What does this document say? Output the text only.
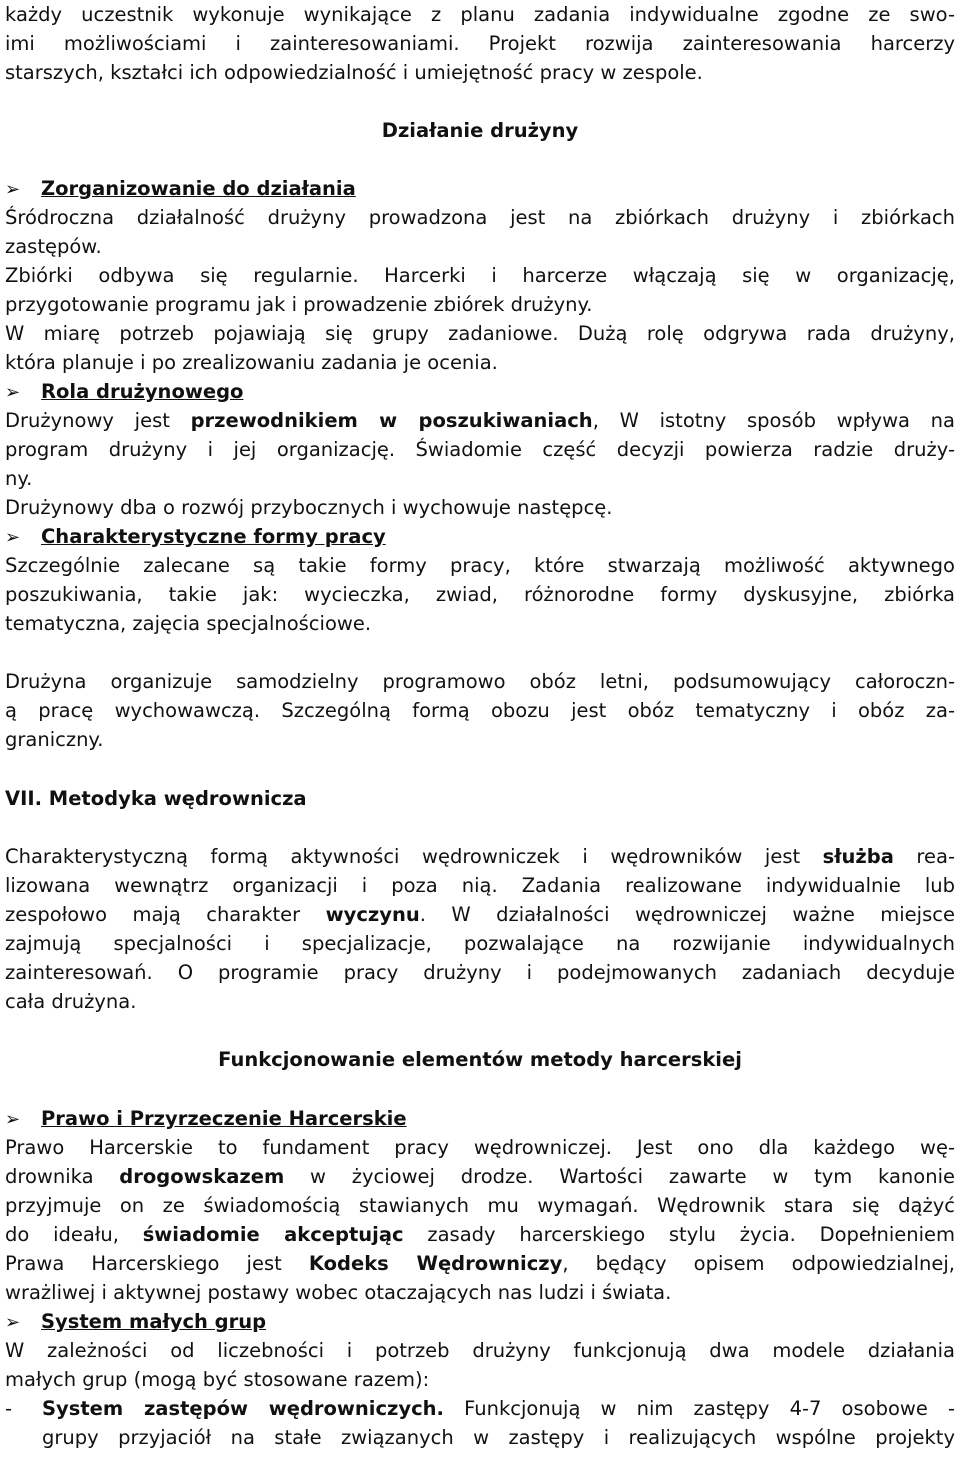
każdy uczestnik wykonuje wynikające z planu zadania indywidualne zgodne ze swo-
imi możliwościami i zainteresowaniami. Projekt rozwija zainteresowania harcerzy
starszych, kształci ich odpowiedzialność i umiejętność pracy w zespole.
Działanie drużyny
➢ Zorganizowanie do działania
Śródroczna działalność drużyny prowadzona jest na zbiórkach drużyny i zbiórkach
zastępów.
Zbiórki odbywa się regularnie. Harcerki i harcerze włączają się w organizację,
przygotowanie programu jak i prowadzenie zbiórek drużyny.
W miarę potrzeb pojawiają się grupy zadaniowe. Dużą rolę odgrywa rada drużyny,
która planuje i po zrealizowaniu zadania je ocenia.
➢ Rola drużynowego
Drużynowy jest przewodnikiem w poszukiwaniach, W istotny sposób wpływa na
program drużyny i jej organizację. Świadomie część decyzji powierza radzie druży-
ny.
Drużynowy dba o rozwój przybocznych i wychowuje następcę.
➢ Charakterystyczne formy pracy
Szczególnie zalecane są takie formy pracy, które stwarzają możliwość aktywnego
poszukiwania, takie jak: wycieczka, zwiad, różnorodne formy dyskusyjne, zbiórka
tematyczna, zajęcia specjalnościowe.
Drużyna organizuje samodzielny programowo obóz letni, podsumowujący całoroczn-
ą pracę wychowawczą. Szczególną formą obozu jest obóz tematyczny i obóz za-
graniczny.
VII. Metodyka wędrownicza
Charakterystyczną formą aktywności wędrowniczek i wędrowników jest służba rea-
lizowana wewnątrz organizacji i poza nią. Zadania realizowane indywidualnie lub
zespołowo mają charakter wyczynu. W działalności wędrowniczej ważne miejsce
zajmują specjalności i specjalizacje, pozwalające na rozwijanie indywidualnych
zainteresowań. O programie pracy drużyny i podejmowanych zadaniach decyduje
cała drużyna.
Funkcjonowanie elementów metody harcerskiej
➢ Prawo i Przyrzeczenie Harcerskie
Prawo Harcerskie to fundament pracy wędrowniczej. Jest ono dla każdego wę-
drownika drogowskazem w życiowej drodze. Wartości zawarte w tym kanonie
przyjmuje on ze świadomością stawianych mu wymagań. Wędrownik stara się dążyć
do ideału, świadomie akceptując zasady harcerskiego stylu życia. Dopełnieniem
Prawa Harcerskiego jest Kodeks Wędrowniczy, będący opisem odpowiedzialnej,
wrażliwej i aktywnej postawy wobec otaczających nas ludzi i świata.
➢ System małych grup
W zależności od liczebności i potrzeb drużyny funkcjonują dwa modele działania
małych grup (mogą być stosowane razem):
- System zastępów wędrowniczych. Funkcjonują w nim zastępy 4-7 osobowe -
grupy przyjaciół na stałe związanych w zastępy i realizujących wspólne projekty
